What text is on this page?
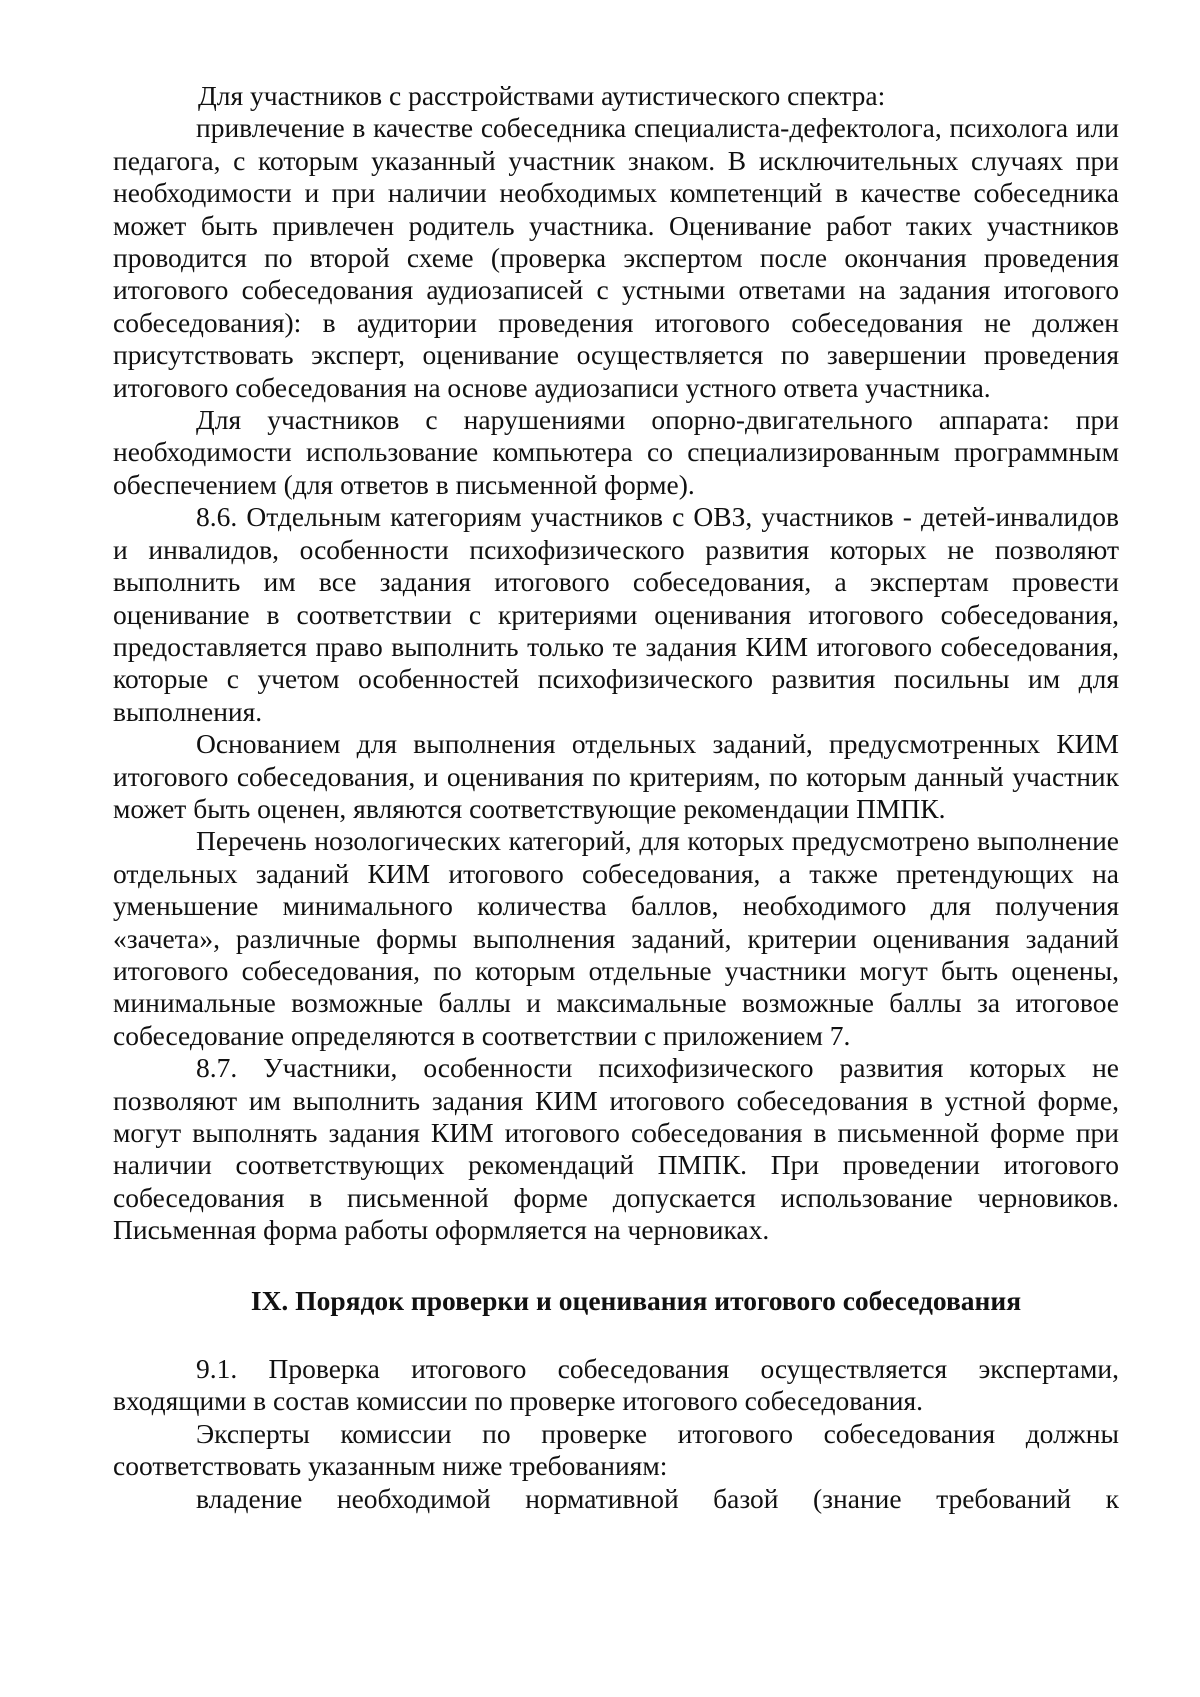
Для участников с расстройствами аутистического спектра:

привлечение в качестве собеседника специалиста-дефектолога, психолога или педагога, с которым указанный участник знаком. В исключительных случаях при необходимости и при наличии необходимых компетенций в качестве собеседника может быть привлечен родитель участника. Оценивание работ таких участников проводится по второй схеме (проверка экспертом после окончания проведения итогового собеседования аудиозаписей с устными ответами на задания итогового собеседования): в аудитории проведения итогового собеседования не должен присутствовать эксперт, оценивание осуществляется по завершении проведения итогового собеседования на основе аудиозаписи устного ответа участника.

Для участников с нарушениями опорно-двигательного аппарата: при необходимости использование компьютера со специализированным программным обеспечением (для ответов в письменной форме).

8.6. Отдельным категориям участников с ОВЗ, участников - детей-инвалидов и инвалидов, особенности психофизического развития которых не позволяют выполнить им все задания итогового собеседования, а экспертам провести оценивание в соответствии с критериями оценивания итогового собеседования, предоставляется право выполнить только те задания КИМ итогового собеседования, которые с учетом особенностей психофизического развития посильны им для выполнения.

Основанием для выполнения отдельных заданий, предусмотренных КИМ итогового собеседования, и оценивания по критериям, по которым данный участник может быть оценен, являются соответствующие рекомендации ПМПК.

Перечень нозологических категорий, для которых предусмотрено выполнение отдельных заданий КИМ итогового собеседования, а также претендующих на уменьшение минимального количества баллов, необходимого для получения «зачета», различные формы выполнения заданий, критерии оценивания заданий итогового собеседования, по которым отдельные участники могут быть оценены, минимальные возможные баллы и максимальные возможные баллы за итоговое собеседование определяются в соответствии с приложением 7.

8.7. Участники, особенности психофизического развития которых не позволяют им выполнить задания КИМ итогового собеседования в устной форме, могут выполнять задания КИМ итогового собеседования в письменной форме при наличии соответствующих рекомендаций ПМПК. При проведении итогового собеседования в письменной форме допускается использование черновиков. Письменная форма работы оформляется на черновиках.

IX. Порядок проверки и оценивания итогового собеседования

9.1. Проверка итогового собеседования осуществляется экспертами, входящими в состав комиссии по проверке итогового собеседования.

Эксперты комиссии по проверке итогового собеседования должны соответствовать указанным ниже требованиям:

владение необходимой нормативной базой (знание требований к
